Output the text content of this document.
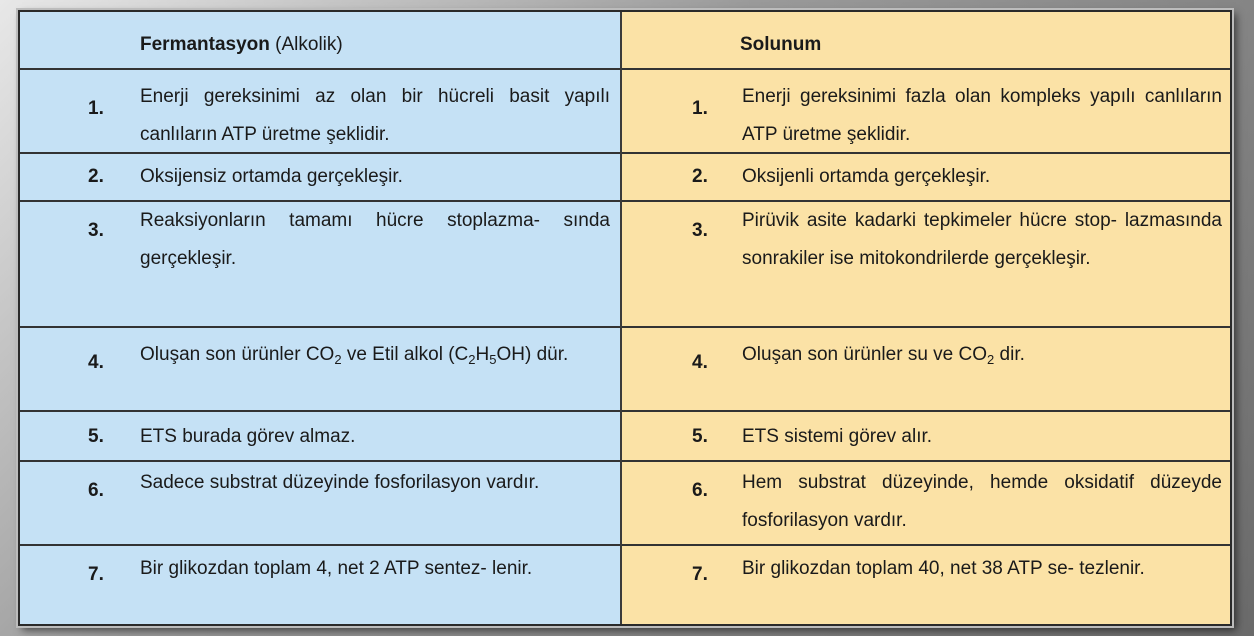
Fermantasyon (Alkolik)
1.
Enerji gereksinimi az olan bir hücreli basit yapılı canlıların ATP üretme şeklidir.
2. Oksijensiz ortamda gerçekleşir.
3. Reaksiyonların tamamı hücre stoplazma- sında gerçekleşir.
4. Oluşan son ürünler $CO_2$ ve Etil alkol $(C_2H_5OH)$ dür.
5. ETS burada görev almaz.
6. Sadece substrat düzeyinde fosforilasyon vardır.
7. Bir glikozdan toplam 4, net 2 ATP sentez- lenir.
Solunum
1.
Enerji gereksinimi fazla olan kompleks yapılı canlıların ATP üretme şeklidir.
2. Oksijenli ortamda gerçekleşir.
3. Pirüvik asite kadarki tepkimeler hücre stop- lazmasında sonrakiler ise mitokondrilerde gerçekleşir.
4. Oluşan son ürünler su ve $CO_2$ dir.
5. ETS sistemi görev alır.
6. Hem substrat düzeyinde, hemde oksidatif düzeyde fosforilasyon vardır.
7. Bir glikozdan toplam 40, net 38 ATP se- tezlenir.
